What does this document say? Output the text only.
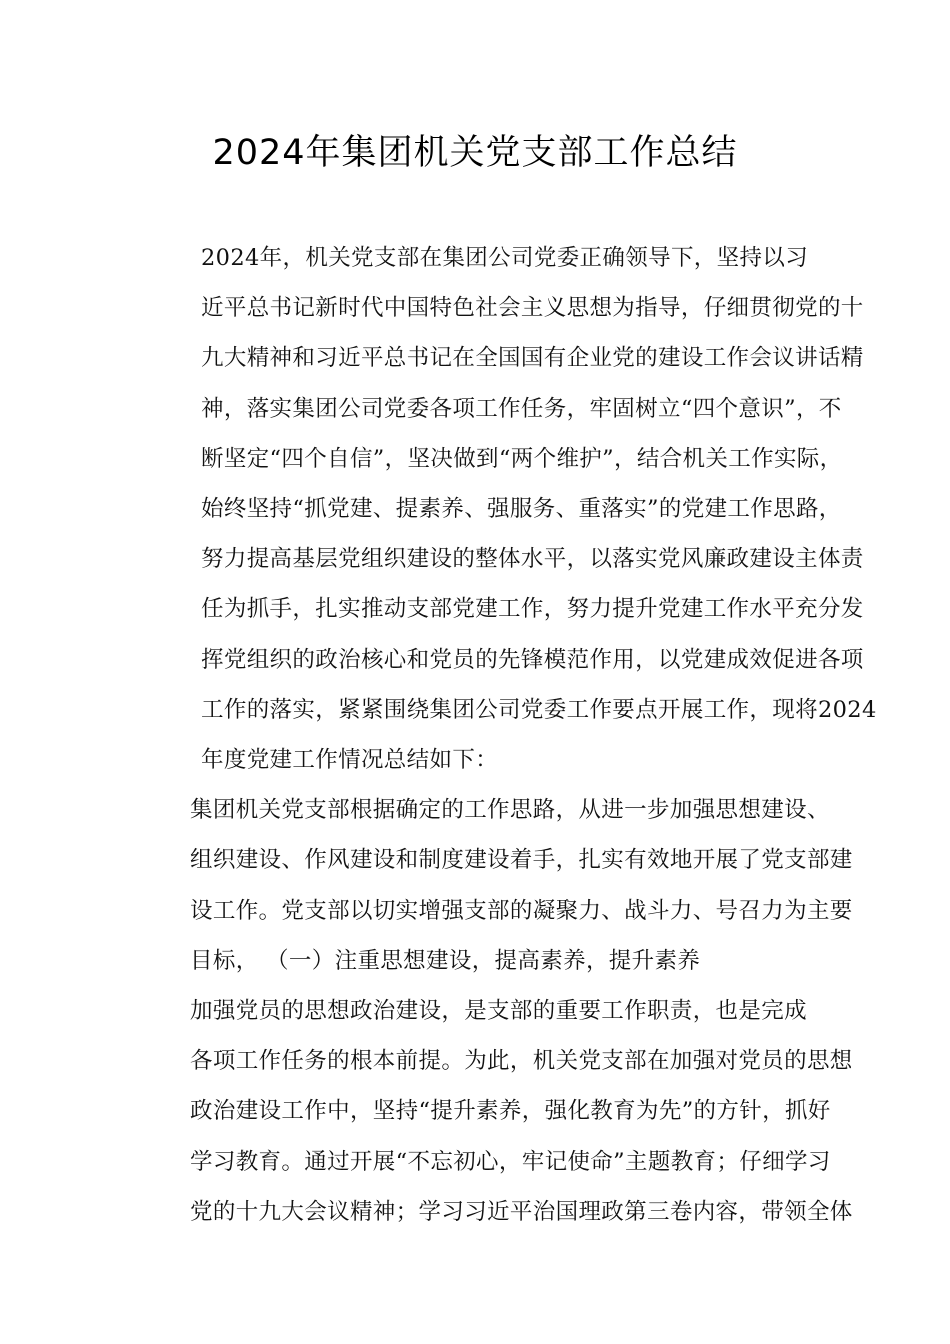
2024年集团机关党支部工作总结

2024年，机关党支部在集团公司党委正确领导下，坚持以习
近平总书记新时代中国特色社会主义思想为指导，仔细贯彻党的十
九大精神和习近平总书记在全国国有企业党的建设工作会议讲话精
神，落实集团公司党委各项工作任务，牢固树立“四个意识”，不
断坚定“四个自信”，坚决做到“两个维护”，结合机关工作实际，
始终坚持“抓党建、提素养、强服务、重落实”的党建工作思路，
努力提高基层党组织建设的整体水平，以落实党风廉政建设主体责
任为抓手，扎实推动支部党建工作，努力提升党建工作水平充分发
挥党组织的政治核心和党员的先锋模范作用，以党建成效促进各项
工作的落实，紧紧围绕集团公司党委工作要点开展工作，现将2024
年度党建工作情况总结如下：

集团机关党支部根据确定的工作思路，从进一步加强思想建设、
组织建设、作风建设和制度建设着手，扎实有效地开展了党支部建
设工作。党支部以切实增强支部的凝聚力、战斗力、号召力为主要
目标， （一）注重思想建设，提高素养，提升素养

加强党员的思想政治建设，是支部的重要工作职责，也是完成
各项工作任务的根本前提。为此，机关党支部在加强对党员的思想
政治建设工作中，坚持“提升素养，强化教育为先”的方针，抓好
学习教育。通过开展“不忘初心，牢记使命”主题教育；仔细学习
党的十九大会议精神；学习习近平治国理政第三卷内容，带领全体
